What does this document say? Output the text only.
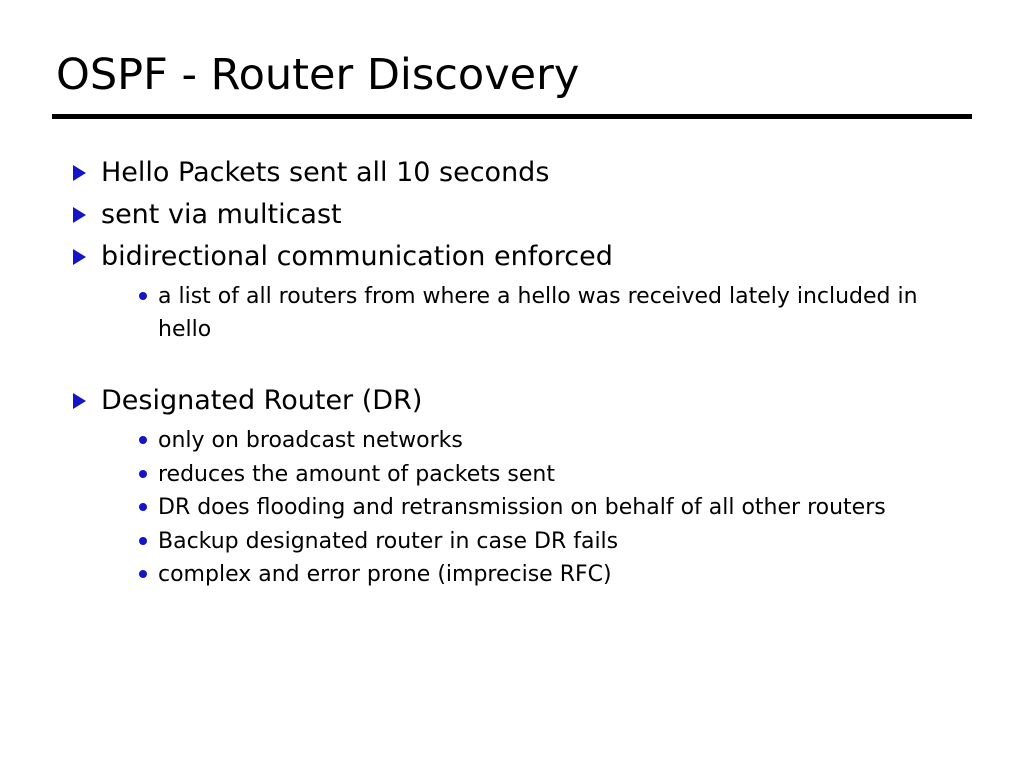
OSPF - Router Discovery
Hello Packets sent all 10 seconds
sent via multicast
bidirectional communication enforced
a list of all routers from where a hello was received lately included in hello
Designated Router (DR)
only on broadcast networks
reduces the amount of packets sent
DR does flooding and retransmission on behalf of all other routers
Backup designated router in case DR fails
complex and error prone (imprecise RFC)
